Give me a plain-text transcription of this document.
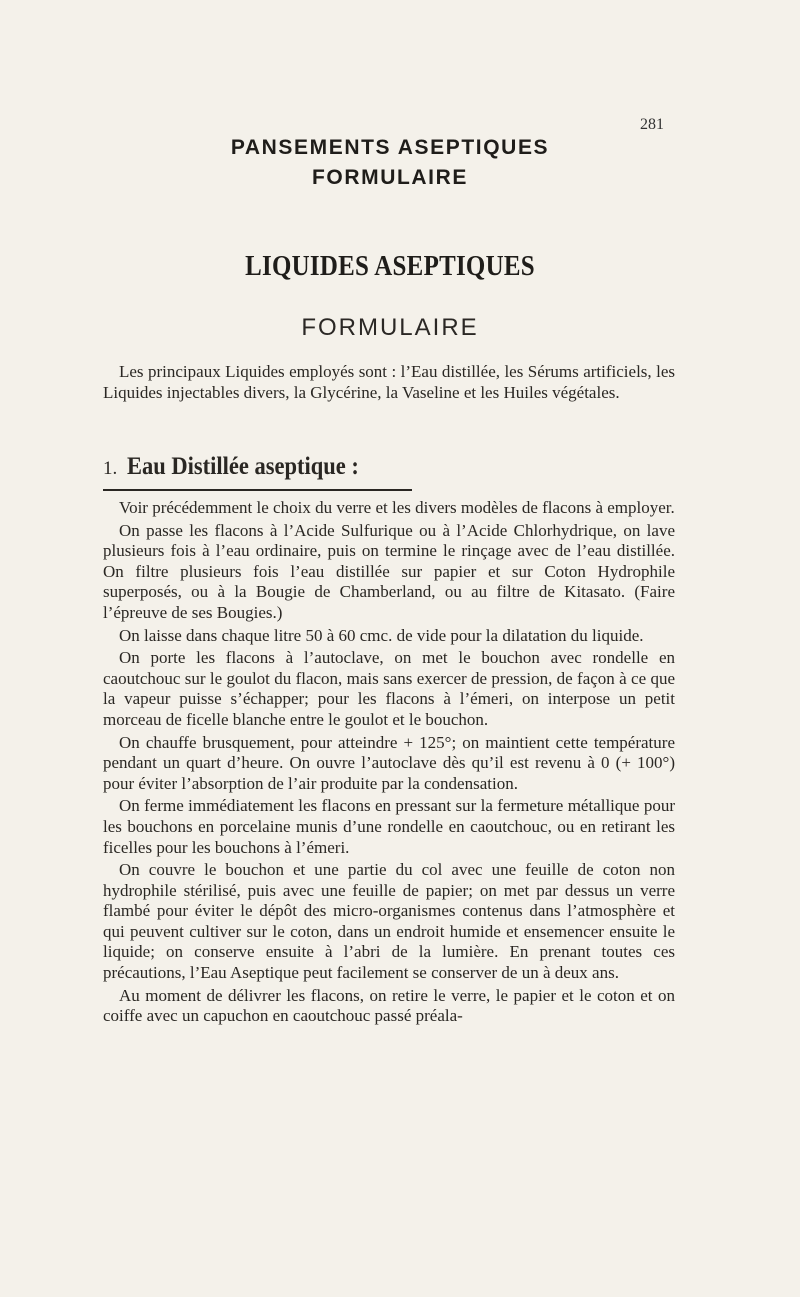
281
PANSEMENTS ASEPTIQUES
FORMULAIRE
LIQUIDES ASEPTIQUES
FORMULAIRE

Les principaux Liquides employés sont : l’Eau distillée, les Sérums artificiels, les Liquides injectables divers, la Glycérine, la Vaseline et les Huiles végétales.

1. Eau Distillée aseptique :

Voir précédemment le choix du verre et les divers modèles de flacons à employer.

On passe les flacons à l’Acide Sulfurique ou à l’Acide Chlorhydrique, on lave plusieurs fois à l’eau ordinaire, puis on termine le rinçage avec de l’eau distillée. On filtre plusieurs fois l’eau distillée sur papier et sur Coton Hydrophile superposés, ou à la Bougie de Chamberland, ou au filtre de Kitasato. (Faire l’épreuve de ses Bougies.)

On laisse dans chaque litre 50 à 60 cmc. de vide pour la dilatation du liquide.

On porte les flacons à l’autoclave, on met le bouchon avec rondelle en caoutchouc sur le goulot du flacon, mais sans exercer de pression, de façon à ce que la vapeur puisse s’échapper; pour les flacons à l’émeri, on interpose un petit morceau de ficelle blanche entre le goulot et le bouchon.

On chauffe brusquement, pour atteindre + 125°; on maintient cette température pendant un quart d’heure. On ouvre l’autoclave dès qu’il est revenu à 0 (+ 100°) pour éviter l’absorption de l’air produite par la condensation.

On ferme immédiatement les flacons en pressant sur la fermeture métallique pour les bouchons en porcelaine munis d’une rondelle en caoutchouc, ou en retirant les ficelles pour les bouchons à l’émeri.

On couvre le bouchon et une partie du col avec une feuille de coton non hydrophile stérilisé, puis avec une feuille de papier; on met par dessus un verre flambé pour éviter le dépôt des micro-organismes contenus dans l’atmosphère et qui peuvent cultiver sur le coton, dans un endroit humide et ensemencer ensuite le liquide; on conserve ensuite à l’abri de la lumière. En prenant toutes ces précautions, l’Eau Aseptique peut facilement se conserver de un à deux ans.

Au moment de délivrer les flacons, on retire le verre, le papier et le coton et on coiffe avec un capuchon en caoutchouc passé préala-
